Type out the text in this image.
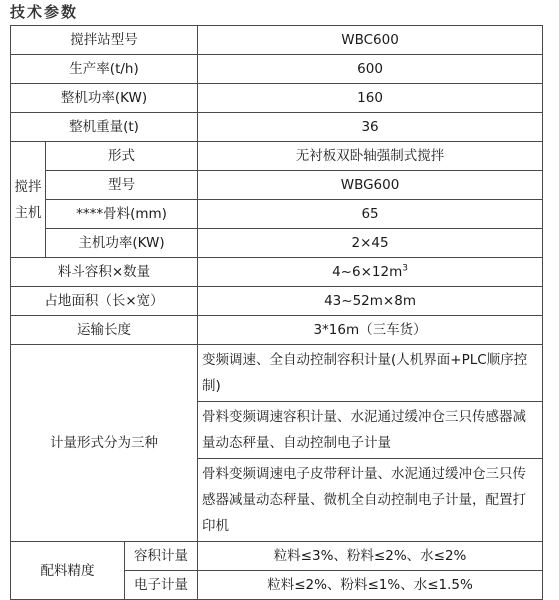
技术参数
搅拌站型号			WBC600
生产率(t/h)			600
整机功率(KW)			160
整机重量(t)			36

搅拌
主机	形式		无衬板双卧轴强制式搅拌
	型号		WBG600
	****骨料(mm)		65
	主机功率(KW)		2×45
料斗容积×数量			$4\sim 6\times 12m^3$
占地面积（长×宽）			43~52m×8m
运输长度			3*16m（三车货）
计量形式分为三种			变频调速、全自动控制容积计量(人机界面+PLC顺序控制)
			骨料变频调速容积计量、水泥通过缓冲仓三只传感器减量动态秤量、自动控制电子计量
			骨料变频调速电子皮带秤计量、水泥通过缓冲仓三只传感器减量动态秤量、微机全自动控制电子计量，配置打印机
配料精度		容积计量	粒料≤3%、粉料≤2%、水≤2%
		电子计量	粒料≤2%、粉料≤1%、水≤1.5%
